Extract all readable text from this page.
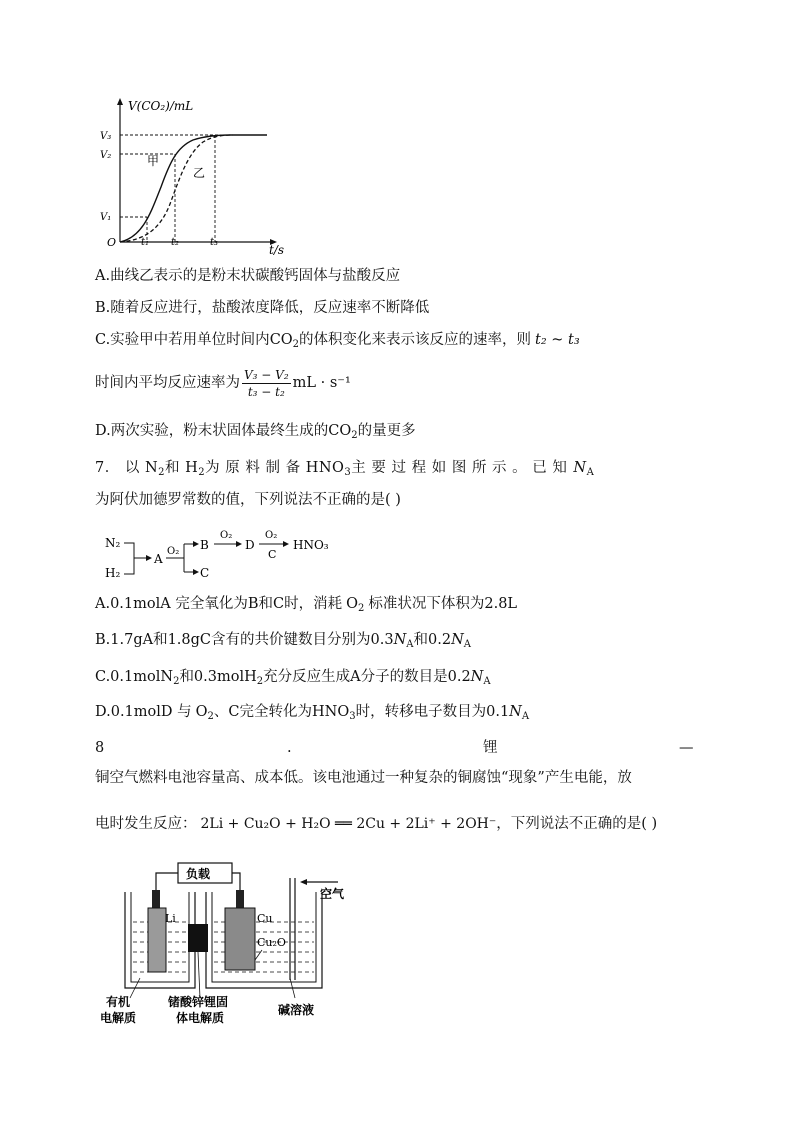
V(CO₂)/mL
t/s
O
V₃
V₂
V₁
t₁ t₂	t₃
甲
乙
A.曲线乙表示的是粉末状碳酸钙固体与盐酸反应
B.随着反应进行，盐酸浓度降低，反应速率不断降低
C.实验甲中若用单位时间内$CO_2$的体积变化来表示该反应的速率，则 t₂ ~ t₃
时间内平均反应速率为 $\frac{\text{V₃ − V₂}}{\text{t₃ − t₂}}$ mL · s⁻¹
D.两次实验，粉末状固体最终生成的$CO_2$的量更多
7． 以 $N_2$和 $H_2$为 原 料 制 备 $HNO_3$主 要 过 程 如 图 所 示 。 已 知 $N_A$
为阿伏加德罗常数的值，下列说法不正确的是( )
N₂
H₂
A
O₂ B
C
O₂
D
O₂
C
HNO₃
A.0.1molA 完全氧化为B和C时，消耗 $O_2$ 标准状况下体积为2.8L
B.1.7gA和1.8gC含有的共价键数目分别为$0.3N_A$和$0.2N_A$
C.0.1molN$_2$和0.3molH$_2$充分反应生成A分子的数目是$0.2N_A$
D.0.1molD 与 $O_2$、C完全转化为$HNO_3$时，转移电子数目为$0.1N_A$
8	.	锂	—
铜空气燃料电池容量高、成本低。该电池通过一种复杂的铜腐蚀“现象”产生电能，放
电时发生反应： 2Li + Cu₂O + H₂O ══ 2Cu + 2Li⁺ + 2OH⁻，下列说法不正确的是( )
负载
Li	Cu
Cu₂O
空气
有机
电解质
锗酸锌锂固
体电解质
碱溶液
